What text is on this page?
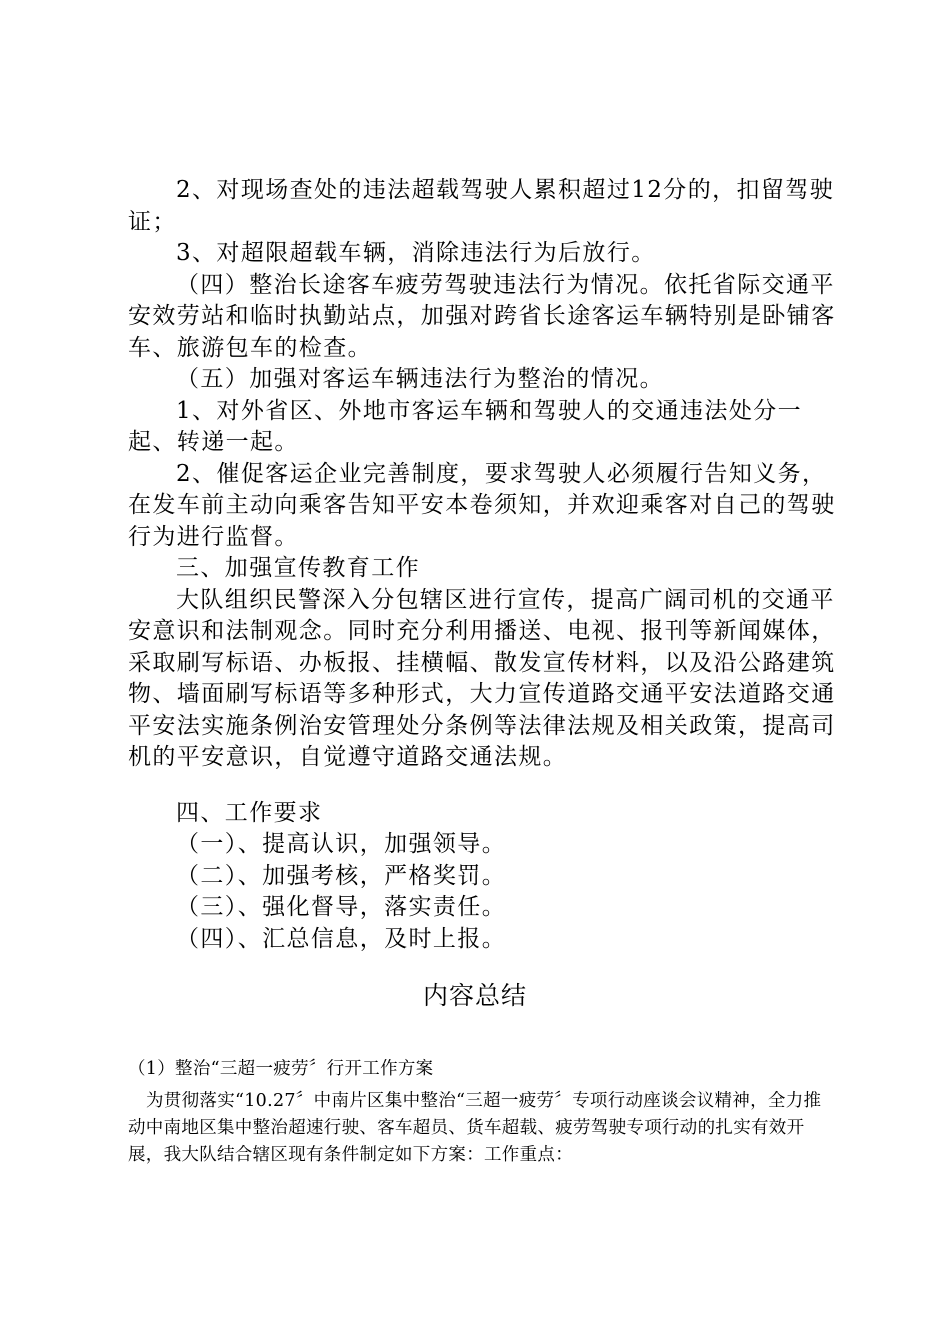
2、对现场查处的违法超载驾驶人累积超过12分的，扣留驾驶证；

3、对超限超载车辆，消除违法行为后放行。

（四）整治长途客车疲劳驾驶违法行为情况。依托省际交通平安效劳站和临时执勤站点，加强对跨省长途客运车辆特别是卧铺客车、旅游包车的检查。

（五）加强对客运车辆违法行为整治的情况。

1、对外省区、外地市客运车辆和驾驶人的交通违法处分一起、转递一起。

2、催促客运企业完善制度，要求驾驶人必须履行告知义务，在发车前主动向乘客告知平安本卷须知，并欢迎乘客对自己的驾驶行为进行监督。

三、加强宣传教育工作

大队组织民警深入分包辖区进行宣传，提高广阔司机的交通平安意识和法制观念。同时充分利用播送、电视、报刊等新闻媒体，采取刷写标语、办板报、挂横幅、散发宣传材料，以及沿公路建筑物、墙面刷写标语等多种形式，大力宣传道路交通平安法道路交通平安法实施条例治安管理处分条例等法律法规及相关政策，提高司机的平安意识，自觉遵守道路交通法规。

四、工作要求

（一）、提高认识，加强领导。

（二）、加强考核，严格奖罚。

（三）、强化督导，落实责任。

（四）、汇总信息，及时上报。

内容总结

（1）整治“三超一疲劳〞行开工作方案

为贯彻落实“10.27〞中南片区集中整治“三超一疲劳〞专项行动座谈会议精神，全力推动中南地区集中整治超速行驶、客车超员、货车超载、疲劳驾驶专项行动的扎实有效开展，我大队结合辖区现有条件制定如下方案：工作重点：
